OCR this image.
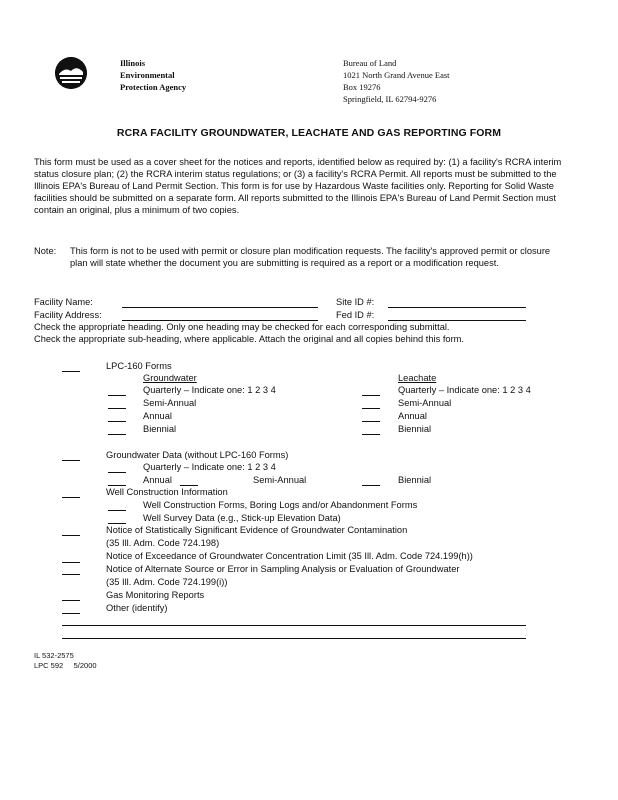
Illinois
Environmental
Protection Agency
Bureau of Land
1021 North Grand Avenue East
Box 19276
Springfield, IL 62794-9276
RCRA FACILITY GROUNDWATER, LEACHATE AND GAS REPORTING FORM
This form must be used as a cover sheet for the notices and reports, identified below as required by: (1) a facility's RCRA interim status closure plan; (2) the RCRA interim status regulations; or (3) a facility's RCRA Permit. All reports must be submitted to the Illinois EPA's Bureau of Land Permit Section. This form is for use by Hazardous Waste facilities only. Reporting for Solid Waste facilities should be submitted on a separate form. All reports submitted to the Illinois EPA's Bureau of Land Permit Section must contain an original, plus a minimum of two copies.
Note: This form is not to be used with permit or closure plan modification requests. The facility's approved permit or closure plan will state whether the document you are submitting is required as a report or a modification request.
Facility Name:	Site ID #:
Facility Address:	Fed ID #:
Check the appropriate heading. Only one heading may be checked for each corresponding submittal.
Check the appropriate sub-heading, where applicable. Attach the original and all copies behind this form.
LPC-160 Forms
Groundwater	Leachate
Quarterly – Indicate one: 1 2 3 4	Quarterly – Indicate one: 1 2 3 4
Semi-Annual	Semi-Annual
Annual	Annual
Biennial	Biennial
Groundwater Data (without LPC-160 Forms)
Quarterly – Indicate one: 1 2 3 4
Annual	Semi-Annual	Biennial
Well Construction Information
Well Construction Forms, Boring Logs and/or Abandonment Forms
Well Survey Data (e.g., Stick-up Elevation Data)
Notice of Statistically Significant Evidence of Groundwater Contamination
(35 Ill. Adm. Code 724.198)
Notice of Exceedance of Groundwater Concentration Limit (35 Ill. Adm. Code 724.199(h))
Notice of Alternate Source or Error in Sampling Analysis or Evaluation of Groundwater
(35 Ill. Adm. Code 724.199(i))
Gas Monitoring Reports
Other (identify)
IL 532-2575
LPC 592     5/2000
